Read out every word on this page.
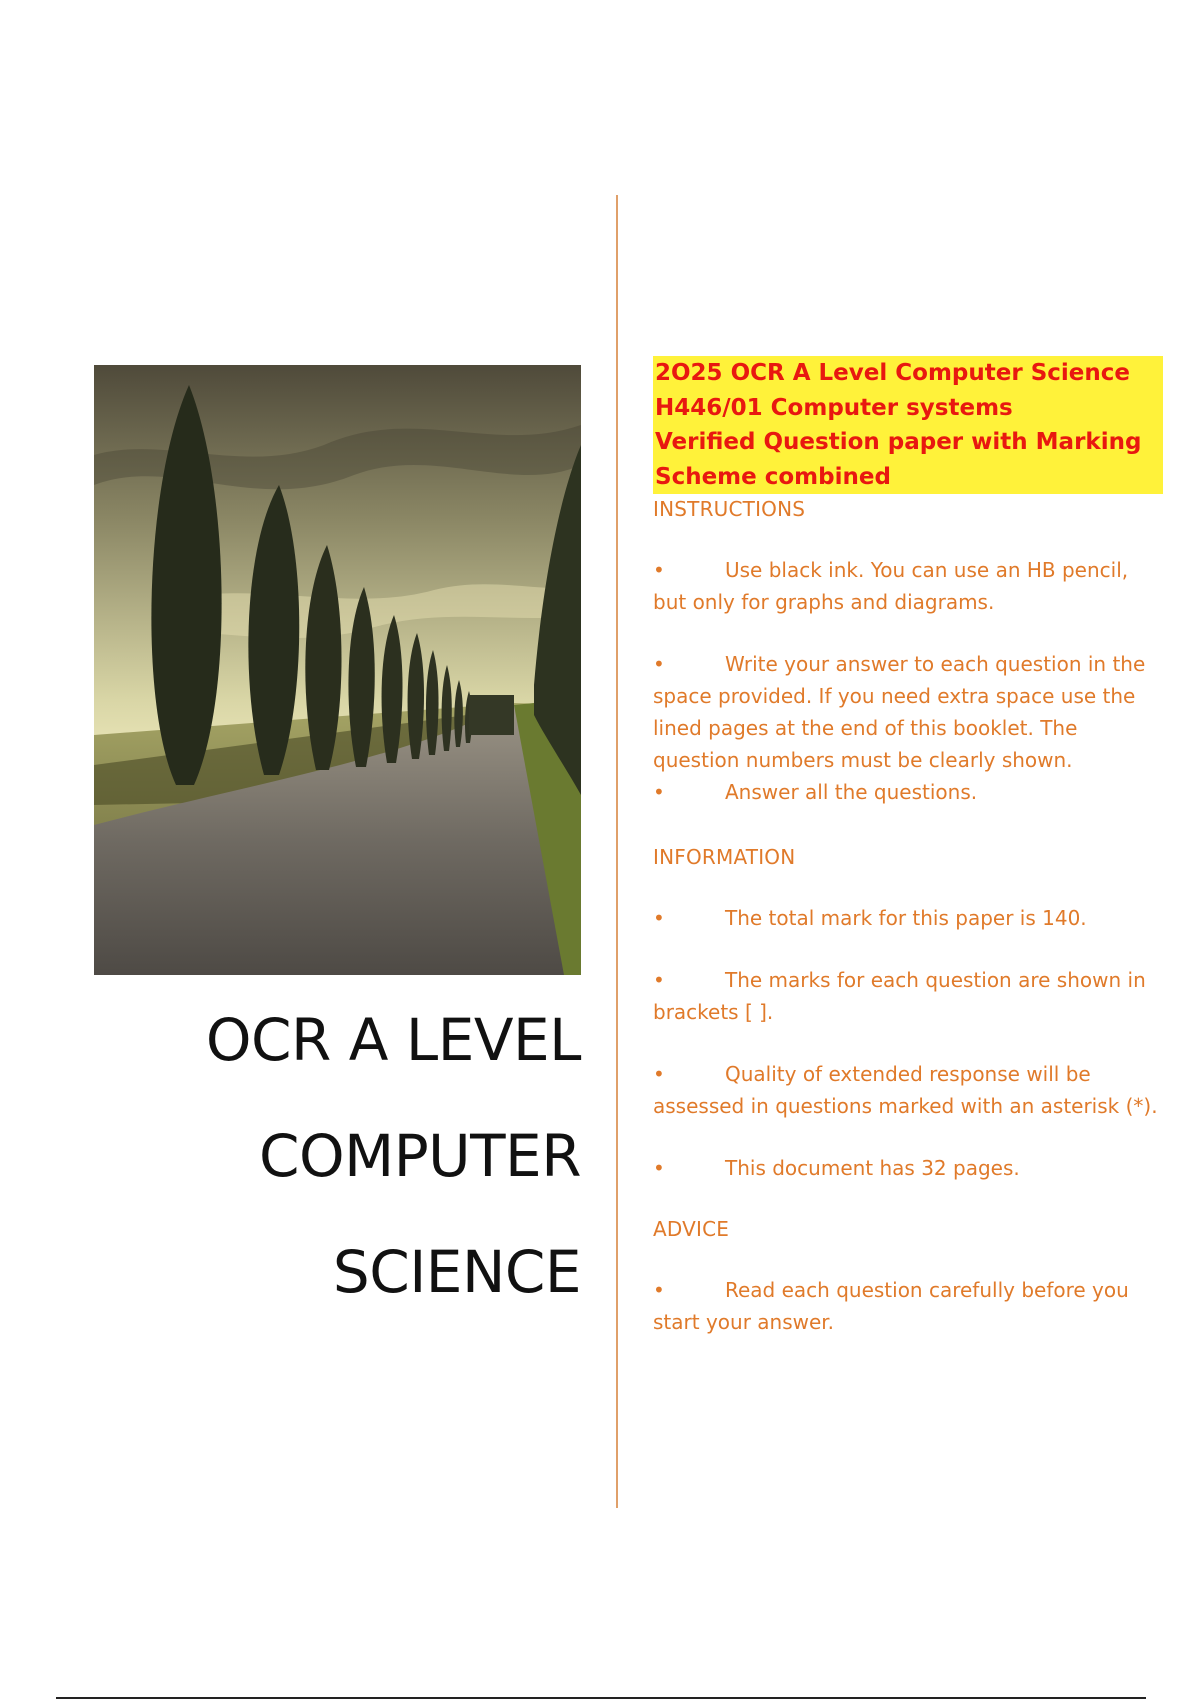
OCR A LEVEL
COMPUTER
SCIENCE
2O25 OCR A Level Computer Science
H446/01 Computer systems
Verified Question paper with Marking
Scheme combined
INSTRUCTIONS
•	Use black ink. You can use an HB pencil, but only for graphs and diagrams.
•	Write your answer to each question in the space provided. If you need extra space use the lined pages at the end of this booklet. The question numbers must be clearly shown.
•	Answer all the questions.
INFORMATION
•	The total mark for this paper is 140.
•	The marks for each question are shown in brackets [ ].
•	Quality of extended response will be assessed in questions marked with an asterisk (*).
•	This document has 32 pages.
ADVICE
•	Read each question carefully before you start your answer.
